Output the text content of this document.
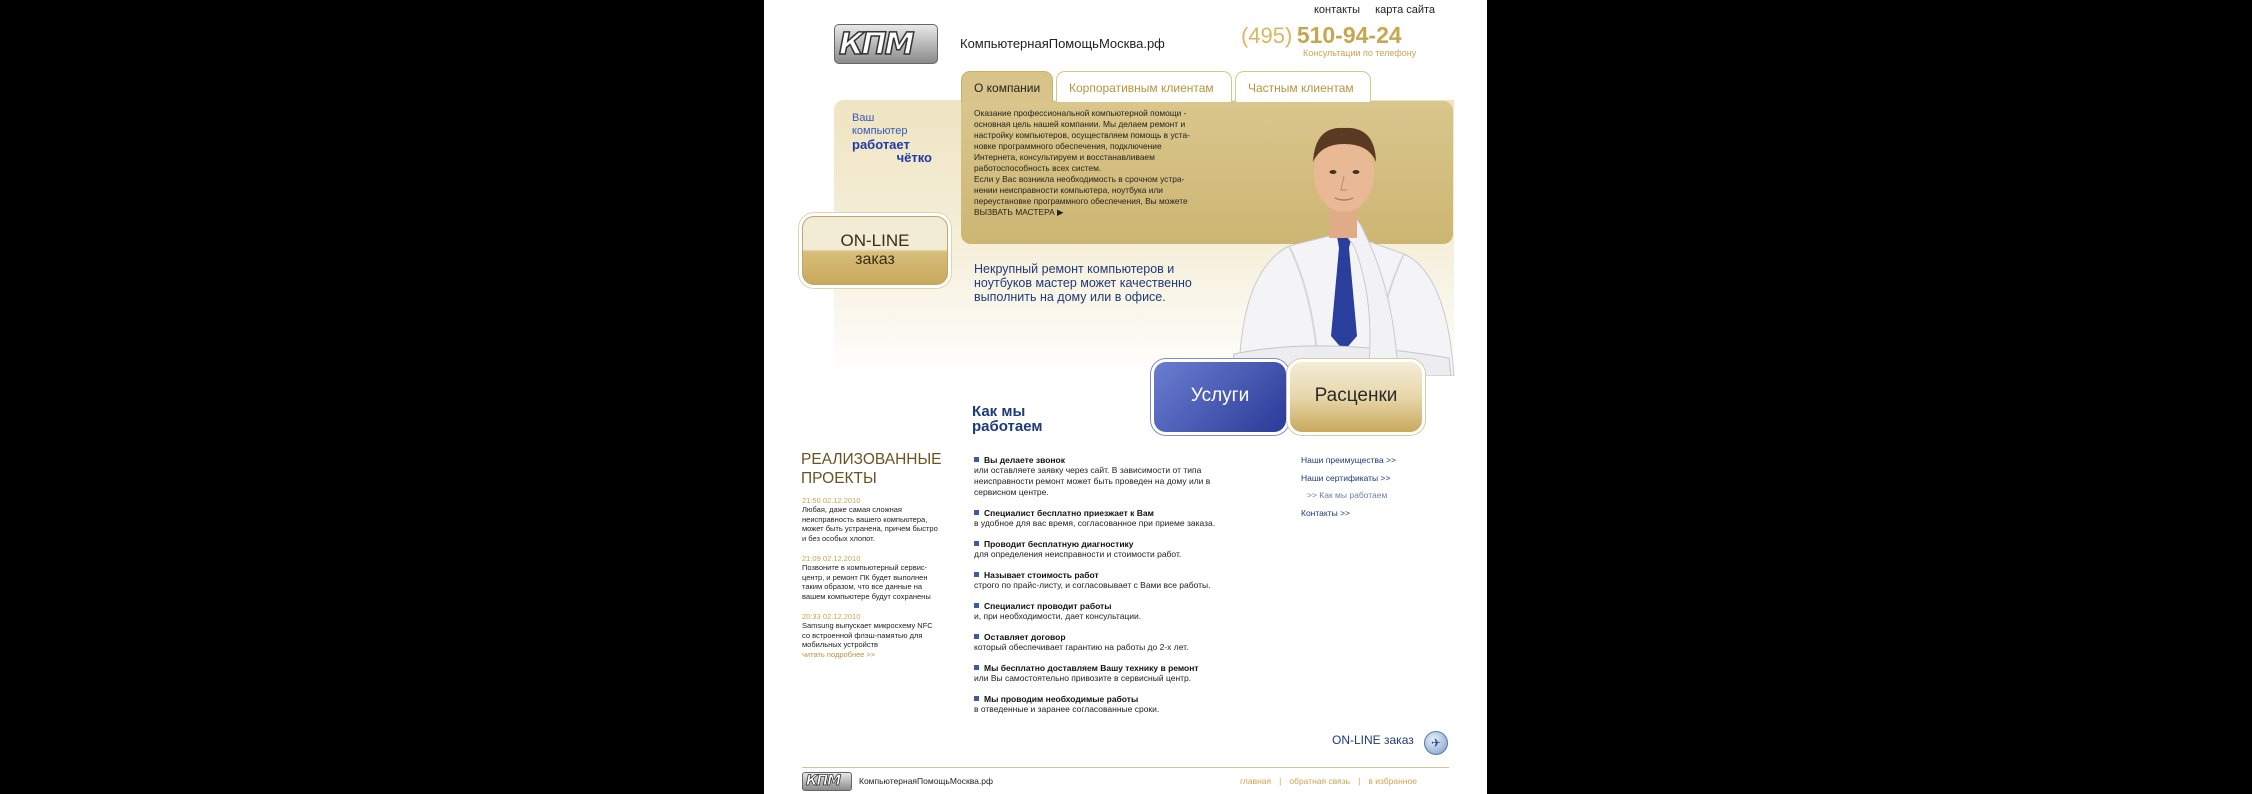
контакты карта сайта
КПМ	КомпьютернаяПомощьМосква.рф	(495) 510-94-24
Консультации по телефону
О компании	Корпоративным клиентам	Частным клиентам
Ваш компьютер
работает
чётко

Оказание профессиональной компьютерной помощи -

основная цель нашей компании. Мы делаем ремонт и

настройку компьютеров, осуществляем помощь в уста-

новке программного обеспечения, подключение

Интернета, консультируем и восстанавливаем

работоспособность всех систем.

Если у Вас возникла необходимость в срочном устра-

нении неисправности компьютера, ноутбука или

переустановке программного обеспечения, Вы можете

ВЫЗВАТЬ МАСТЕРА ▶

ON-LINE
заказ
Некрупный ремонт компьютеров и ноутбуков мастер может качественно выполнить на дому или в офисе.
Услуги	Расценки
Как мы
работаем
Вы делаете звонок
или оставляете заявку через сайт. В зависимости от типа неисправности ремонт может быть проведен на дому или в сервисном центре.
Специалист бесплатно приезжает к Вам
в удобное для вас время, согласованное при приеме заказа.
Проводит бесплатную диагностику
для определения неисправности и стоимости работ.
Называет стоимость работ
строго по прайс-листу, и согласовывает с Вами все работы.
Специалист проводит работы
и, при необходимости, дает консультации.
Оставляет договор
который обеспечивает гарантию на работы до 2-х лет.
Мы бесплатно доставляем Вашу технику в ремонт
или Вы самостоятельно привозите в сервисный центр.
Мы проводим необходимые работы
в отведенные и заранее согласованные сроки.
РЕАЛИЗОВАННЫЕ
ПРОЕКТЫ
21:50 02.12.2010
Любая, даже самая сложная неисправность вашего компьютера, может быть устранена, причем быстро и без особых хлопот.
21:09 02.12.2010
Позвоните в компьютерный сервис-центр, и ремонт ПК будет выполнен таким образом, что все данные на вашем компьютере будут сохранены
20:33 02.12.2010
Samsung выпускает микросхему NFC со встроенной флэш-памятью для мобильных устройств
читать подробнее >>
Наши преимущества >>
Наши сертификаты >>
>> Как мы работаем
Контакты >>
ON-LINE заказ	✈
КПМ	КомпьютернаяПомощьМосква.рф	главная | обратная связь | в избранное
